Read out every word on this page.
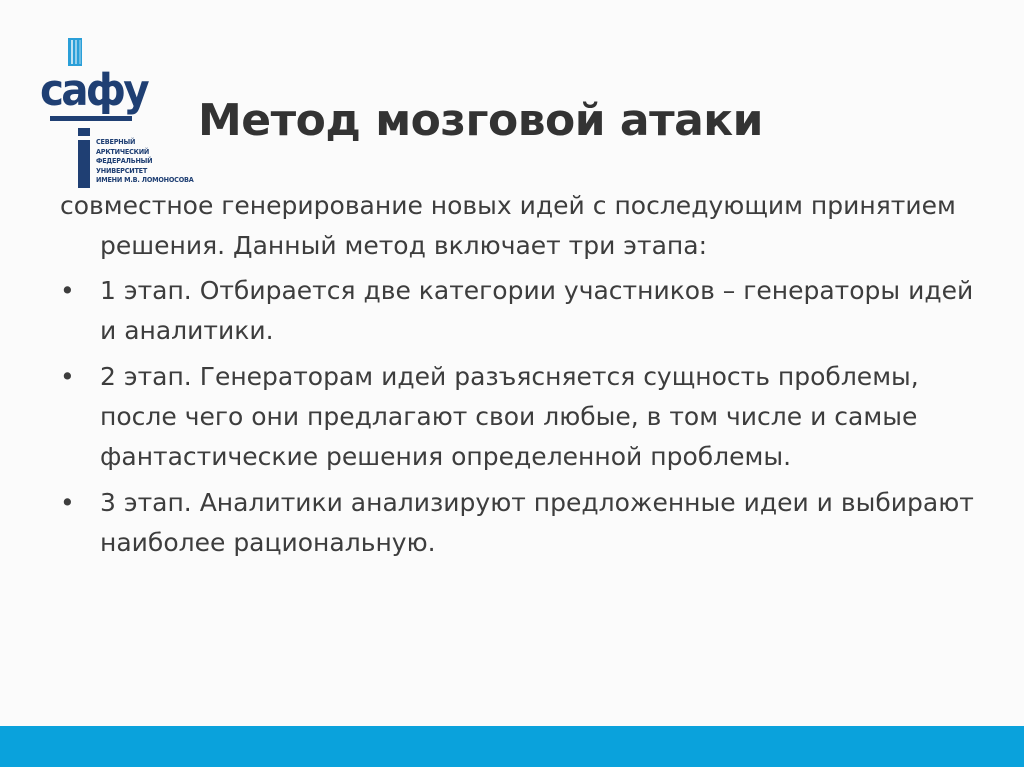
сафу
СЕВЕРНЫЙ
АРКТИЧЕСКИЙ
ФЕДЕРАЛЬНЫЙ
УНИВЕРСИТЕТ
ИМЕНИ М.В. ЛОМОНОСОВА
Метод мозговой атаки

совместное генерирование новых идей с последующим принятием решения. Данный метод включает три этапа:

•	1 этап. Отбирается две категории участников – генераторы идей и аналитики.
•	2 этап. Генераторам идей разъясняется сущность проблемы, после чего они предлагают свои любые, в том числе и самые фантастические решения определенной проблемы.
•	3 этап. Аналитики анализируют предложенные идеи и выбирают наиболее рациональную.
